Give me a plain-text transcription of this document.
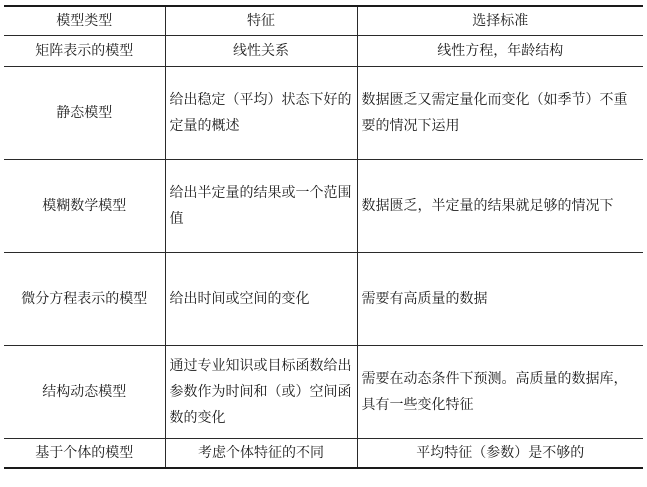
模型类型	特征	选择标准
矩阵表示的模型	线性关系	线性方程，年龄结构
静态模型	给出稳定（平均）状态下好的定量的概述	数据匮乏又需定量化而变化（如季节）不重要的情况下运用
模糊数学模型	给出半定量的结果或一个范围值	数据匮乏，半定量的结果就足够的情况下
微分方程表示的模型	给出时间或空间的变化	需要有高质量的数据
结构动态模型	通过专业知识或目标函数给出参数作为时间和（或）空间函数的变化	需要在动态条件下预测。高质量的数据库，具有一些变化特征
基于个体的模型	考虑个体特征的不同	平均特征（参数）是不够的
